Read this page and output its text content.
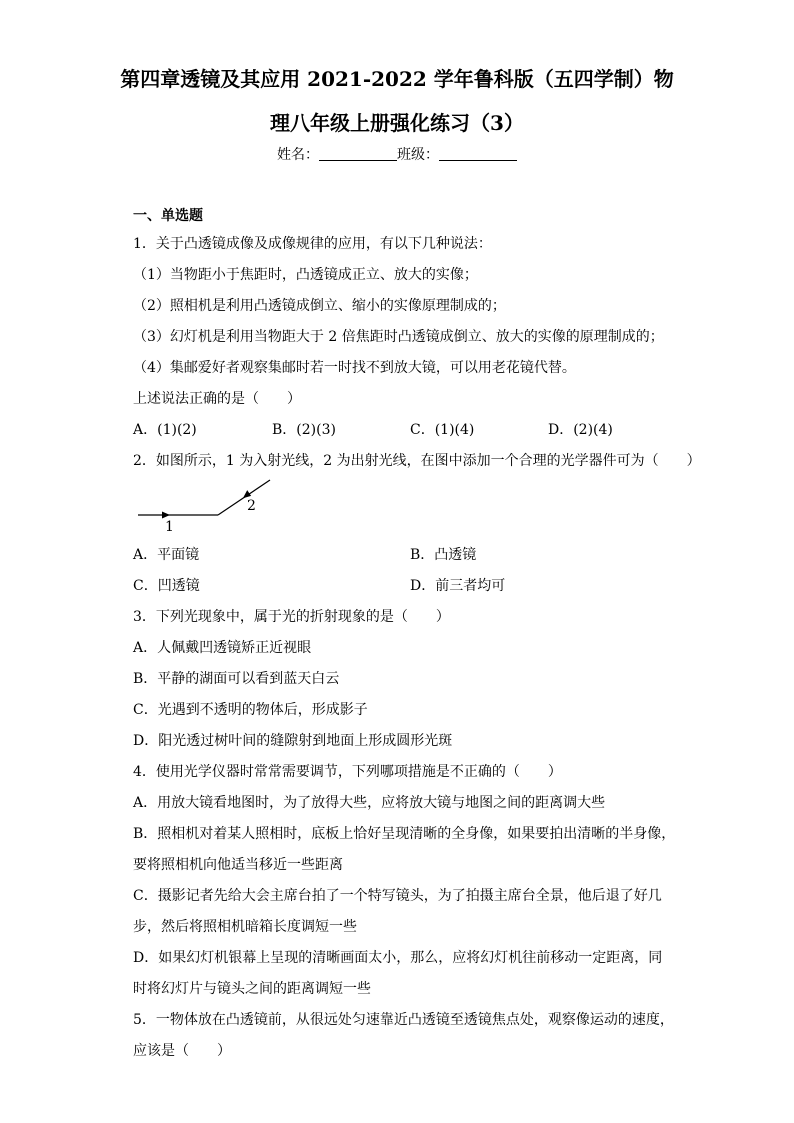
第四章透镜及其应用 2021-2022 学年鲁科版（五四学制）物
理八年级上册强化练习（3）
姓名：	班级：
一、单选题
1．关于凸透镜成像及成像规律的应用，有以下几种说法：
（1）当物距小于焦距时，凸透镜成正立、放大的实像；
（2）照相机是利用凸透镜成倒立、缩小的实像原理制成的；
（3）幻灯机是利用当物距大于 2 倍焦距时凸透镜成倒立、放大的实像的原理制成的；
（4）集邮爱好者观察集邮时若一时找不到放大镜，可以用老花镜代替。
上述说法正确的是（　　）
A．(1)(2)	B．(2)(3)	C．(1)(4)	D．(2)(4)
2．如图所示，1 为入射光线，2 为出射光线，在图中添加一个合理的光学器件可为（　　）
1
2
A．平面镜	B．凸透镜
C．凹透镜	D．前三者均可
3．下列光现象中，属于光的折射现象的是（　　）
A．人佩戴凹透镜矫正近视眼
B．平静的湖面可以看到蓝天白云
C．光遇到不透明的物体后，形成影子
D．阳光透过树叶间的缝隙射到地面上形成圆形光斑
4．使用光学仪器时常常需要调节，下列哪项措施是不正确的（　　）
A．用放大镜看地图时，为了放得大些，应将放大镜与地图之间的距离调大些
B．照相机对着某人照相时，底板上恰好呈现清晰的全身像，如果要拍出清晰的半身像，
要将照相机向他适当移近一些距离
C．摄影记者先给大会主席台拍了一个特写镜头，为了拍摄主席台全景，他后退了好几
步，然后将照相机暗箱长度调短一些
D．如果幻灯机银幕上呈现的清晰画面太小，那么，应将幻灯机往前移动一定距离，同
时将幻灯片与镜头之间的距离调短一些
5．一物体放在凸透镜前，从很远处匀速靠近凸透镜至透镜焦点处，观察像运动的速度，
应该是（　　）
